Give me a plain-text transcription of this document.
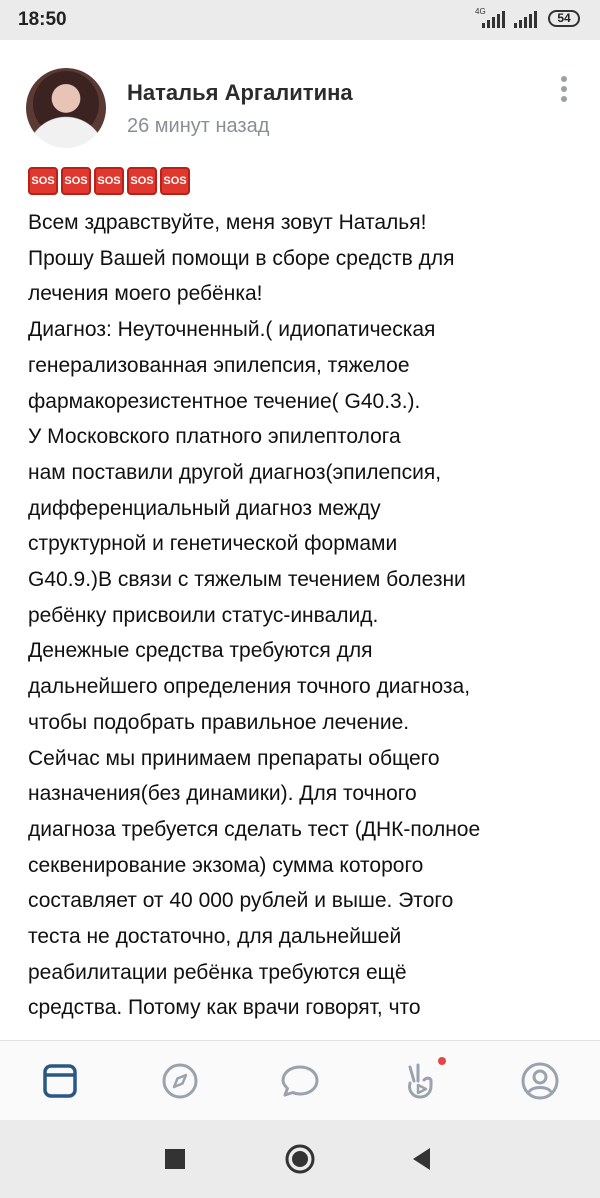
18:50	4G	54
Наталья Аргалитина
26 минут назад
SOS SOS SOS SOS SOS
Всем здравствуйте, меня зовут Наталья!
Прошу Вашей помощи в сборе средств для
лечения моего ребёнка!
Диагноз: Неуточненный.( идиопатическая
генерализованная эпилепсия, тяжелое
фармакорезистентное течение( G40.3.).
У Московского платного эпилептолога
нам поставили другой диагноз(эпилепсия,
дифференциальный диагноз между
структурной и генетической формами
G40.9.)В связи с тяжелым течением болезни
ребёнку присвоили статус-инвалид.
Денежные средства требуются для
дальнейшего определения точного диагноза,
чтобы подобрать правильное лечение.
Сейчас мы принимаем препараты общего
назначения(без динамики). Для точного
диагноза требуется сделать тест (ДНК-полное
секвенирование экзома) сумма которого
составляет от 40 000 рублей и выше. Этого
теста не достаточно, для дальнейшей
реабилитации ребёнка требуются ещё
средства. Потому как врачи говорят, что
